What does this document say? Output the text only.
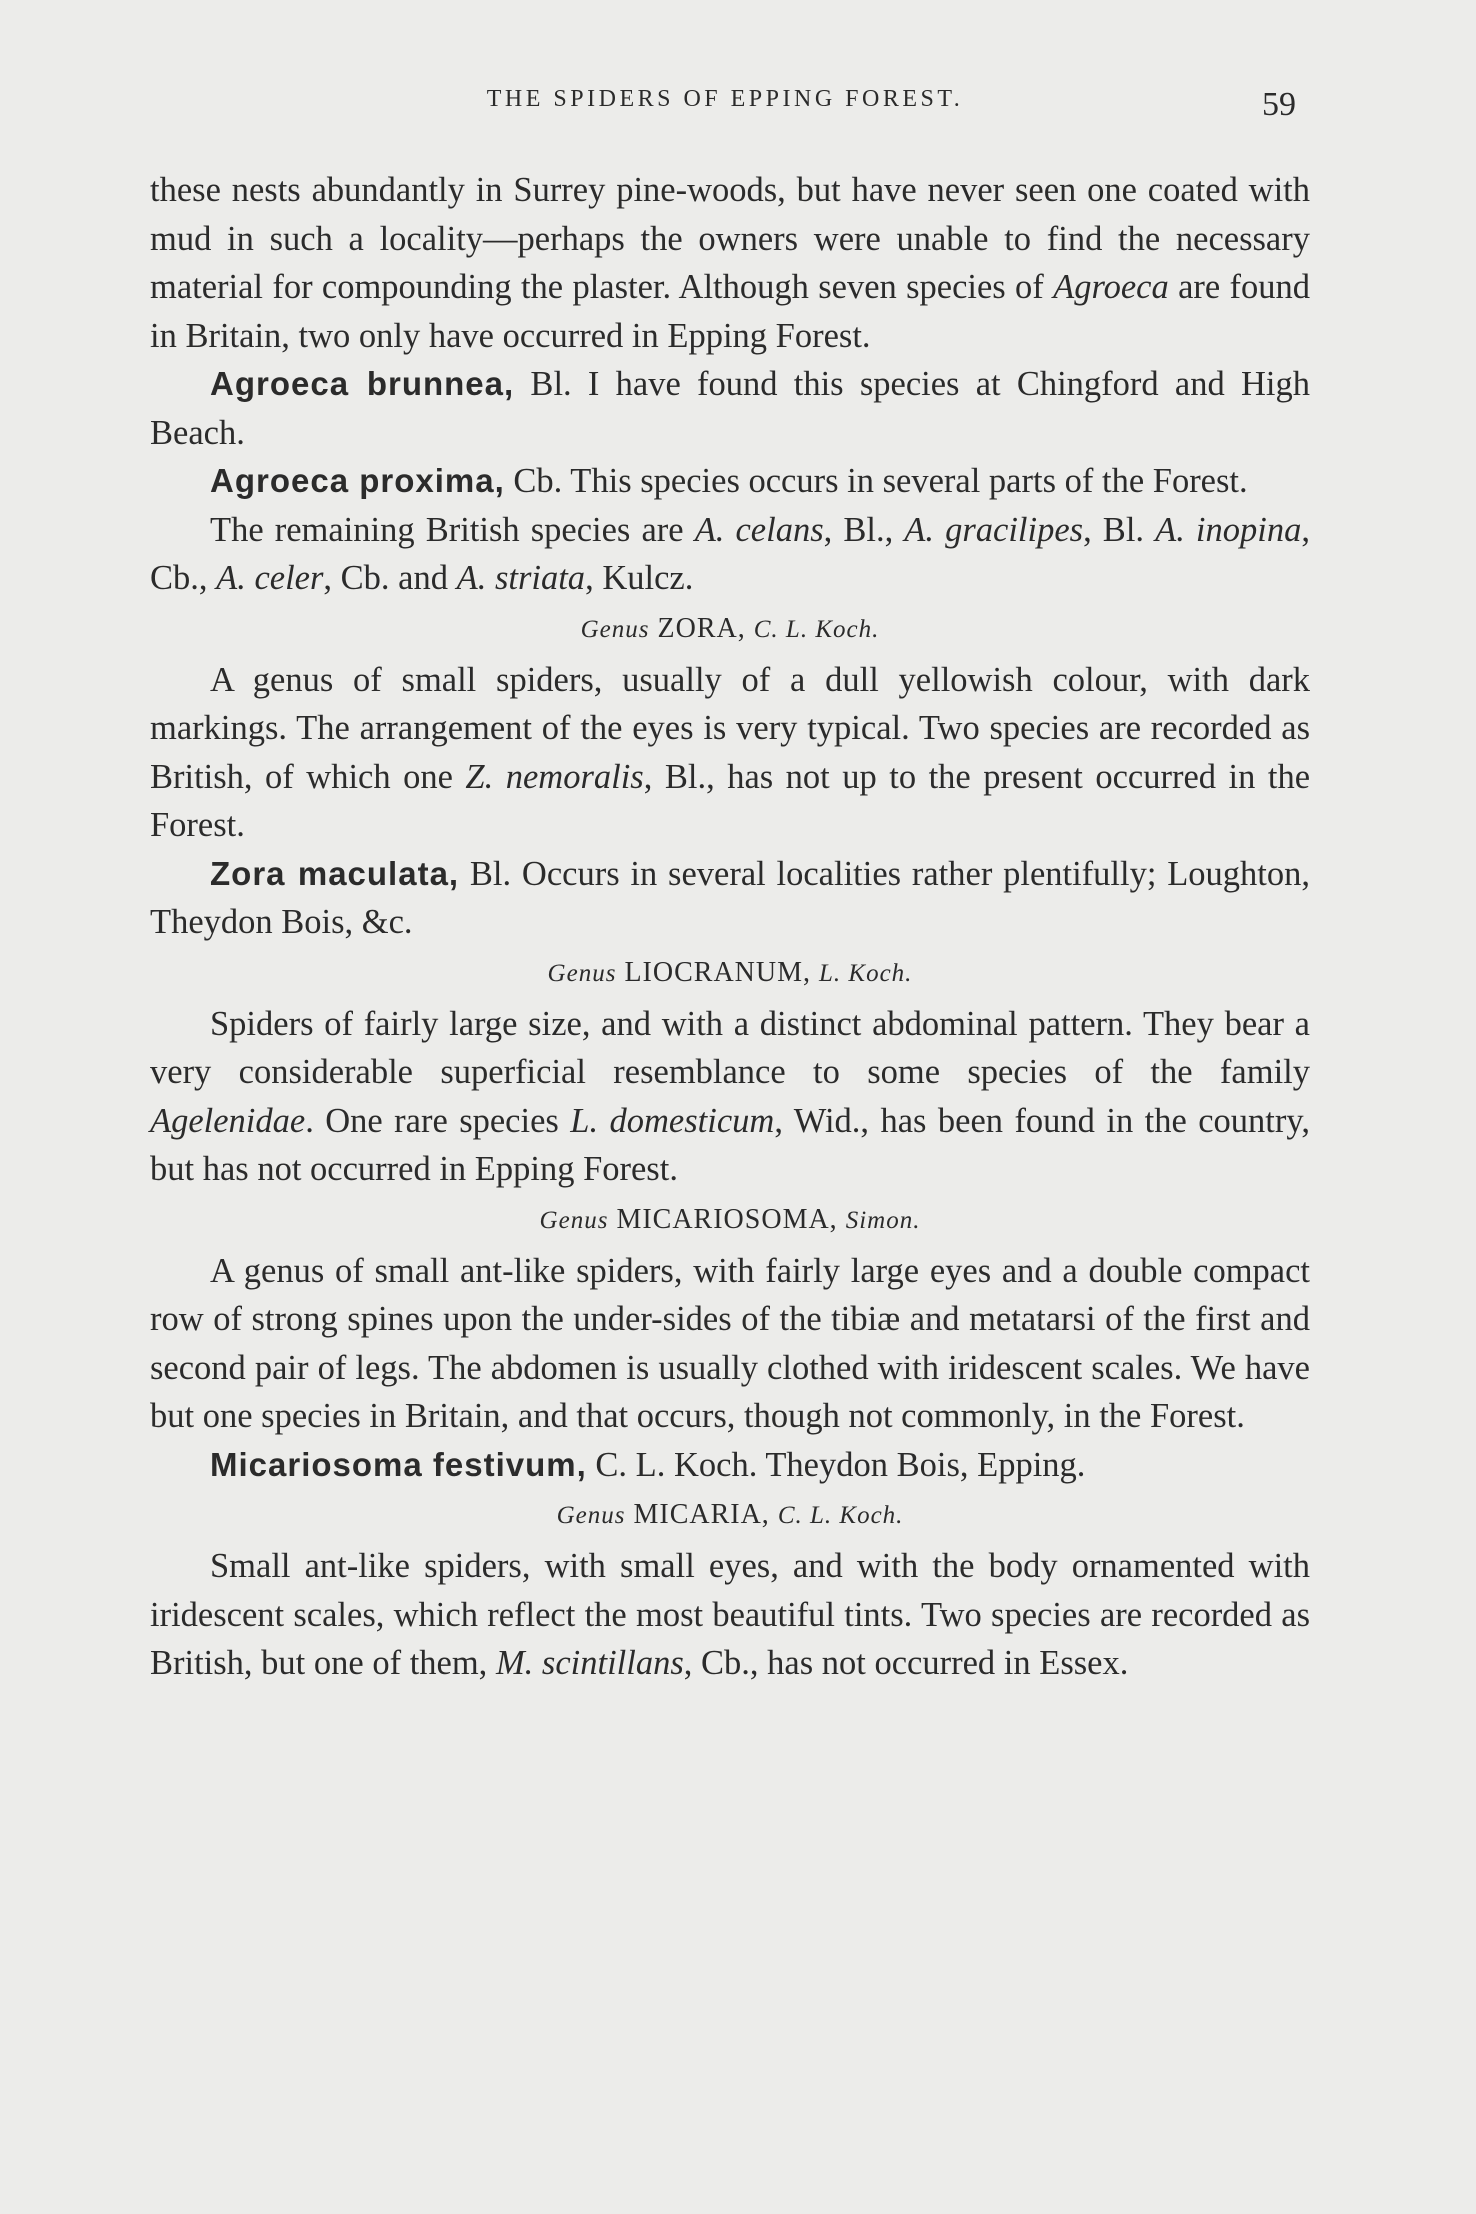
THE SPIDERS OF EPPING FOREST.	59

these nests abundantly in Surrey pine-woods, but have never seen one coated with mud in such a locality—perhaps the owners were unable to find the necessary material for compounding the plaster. Although seven species of Agroeca are found in Britain, two only have occurred in Epping Forest.

Agroeca brunnea, Bl. I have found this species at Chingford and High Beach.

Agroeca proxima, Cb. This species occurs in several parts of the Forest.

The remaining British species are A. celans, Bl., A. gracilipes, Bl. A. inopina, Cb., A. celer, Cb. and A. striata, Kulcz.

Genus ZORA, C. L. Koch.

A genus of small spiders, usually of a dull yellowish colour, with dark markings. The arrangement of the eyes is very typical. Two species are recorded as British, of which one Z. nemoralis, Bl., has not up to the present occurred in the Forest.

Zora maculata, Bl. Occurs in several localities rather plentifully; Loughton, Theydon Bois, &c.

Genus LIOCRANUM, L. Koch.

Spiders of fairly large size, and with a distinct abdominal pattern. They bear a very considerable superficial resemblance to some species of the family Agelenidae. One rare species L. domesticum, Wid., has been found in the country, but has not occurred in Epping Forest.

Genus MICARIOSOMA, Simon.

A genus of small ant-like spiders, with fairly large eyes and a double compact row of strong spines upon the under-sides of the tibiæ and metatarsi of the first and second pair of legs. The abdomen is usually clothed with iridescent scales. We have but one species in Britain, and that occurs, though not commonly, in the Forest.

Micariosoma festivum, C. L. Koch. Theydon Bois, Epping.

Genus MICARIA, C. L. Koch.

Small ant-like spiders, with small eyes, and with the body ornamented with iridescent scales, which reflect the most beautiful tints. Two species are recorded as British, but one of them, M. scintillans, Cb., has not occurred in Essex.
